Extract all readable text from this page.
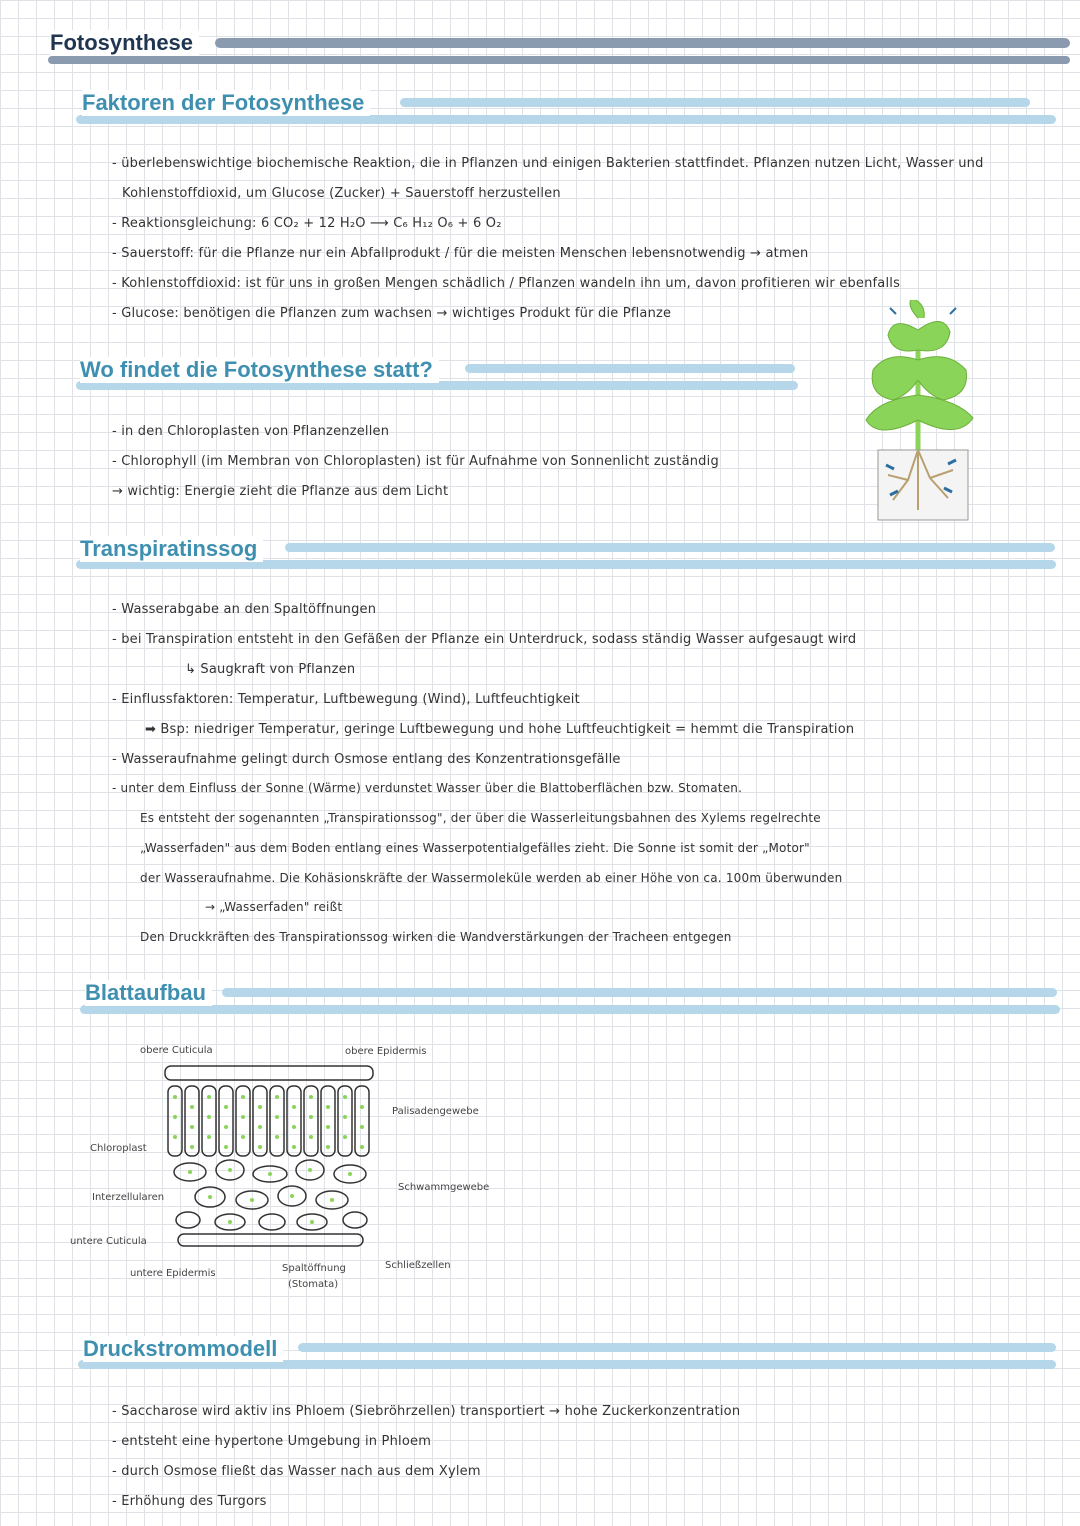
Fotosynthese
Faktoren der Fotosynthese
- überlebenswichtige biochemische Reaktion, die in Pflanzen und einigen Bakterien stattfindet. Pflanzen nutzen Licht, Wasser und
Kohlenstoffdioxid, um Glucose (Zucker) + Sauerstoff herzustellen
- Reaktionsgleichung: 6 CO₂ + 12 H₂O ⟶ C₆ H₁₂ O₆ + 6 O₂
- Sauerstoff: für die Pflanze nur ein Abfallprodukt / für die meisten Menschen lebensnotwendig → atmen
- Kohlenstoffdioxid: ist für uns in großen Mengen schädlich / Pflanzen wandeln ihn um, davon profitieren wir ebenfalls
- Glucose: benötigen die Pflanzen zum wachsen → wichtiges Produkt für die Pflanze
Wo findet die Fotosynthese statt?
- in den Chloroplasten von Pflanzenzellen
- Chlorophyll (im Membran von Chloroplasten) ist für Aufnahme von Sonnenlicht zuständig
→ wichtig: Energie zieht die Pflanze aus dem Licht
Transpiratinssog
- Wasserabgabe an den Spaltöffnungen
- bei Transpiration entsteht in den Gefäßen der Pflanze ein Unterdruck, sodass ständig Wasser aufgesaugt wird
↳ Saugkraft von Pflanzen
- Einflussfaktoren: Temperatur, Luftbewegung (Wind), Luftfeuchtigkeit
➡ Bsp: niedriger Temperatur, geringe Luftbewegung und hohe Luftfeuchtigkeit = hemmt die Transpiration
- Wasseraufnahme gelingt durch Osmose entlang des Konzentrationsgefälle
- unter dem Einfluss der Sonne (Wärme) verdunstet Wasser über die Blattoberflächen bzw. Stomaten.
Es entsteht der sogenannten „Transpirationssog", der über die Wasserleitungsbahnen des Xylems regelrechte
„Wasserfaden" aus dem Boden entlang eines Wasserpotentialgefälles zieht. Die Sonne ist somit der „Motor"
der Wasseraufnahme. Die Kohäsionskräfte der Wassermoleküle werden ab einer Höhe von ca. 100m überwunden
→ „Wasserfaden" reißt
Den Druckkräften des Transpirationssog wirken die Wandverstärkungen der Tracheen entgegen
Blattaufbau
obere Cuticula	obere Epidermis
Palisadengewebe
Chloroplast
Schwammgewebe
Interzellularen
untere Cuticula
untere Epidermis	Spaltöffnung
(Stomata)
Schließzellen
Druckstrommodell
- Saccharose wird aktiv ins Phloem (Siebröhrzellen) transportiert → hohe Zuckerkonzentration
- entsteht eine hypertone Umgebung in Phloem
- durch Osmose fließt das Wasser nach aus dem Xylem
- Erhöhung des Turgors
